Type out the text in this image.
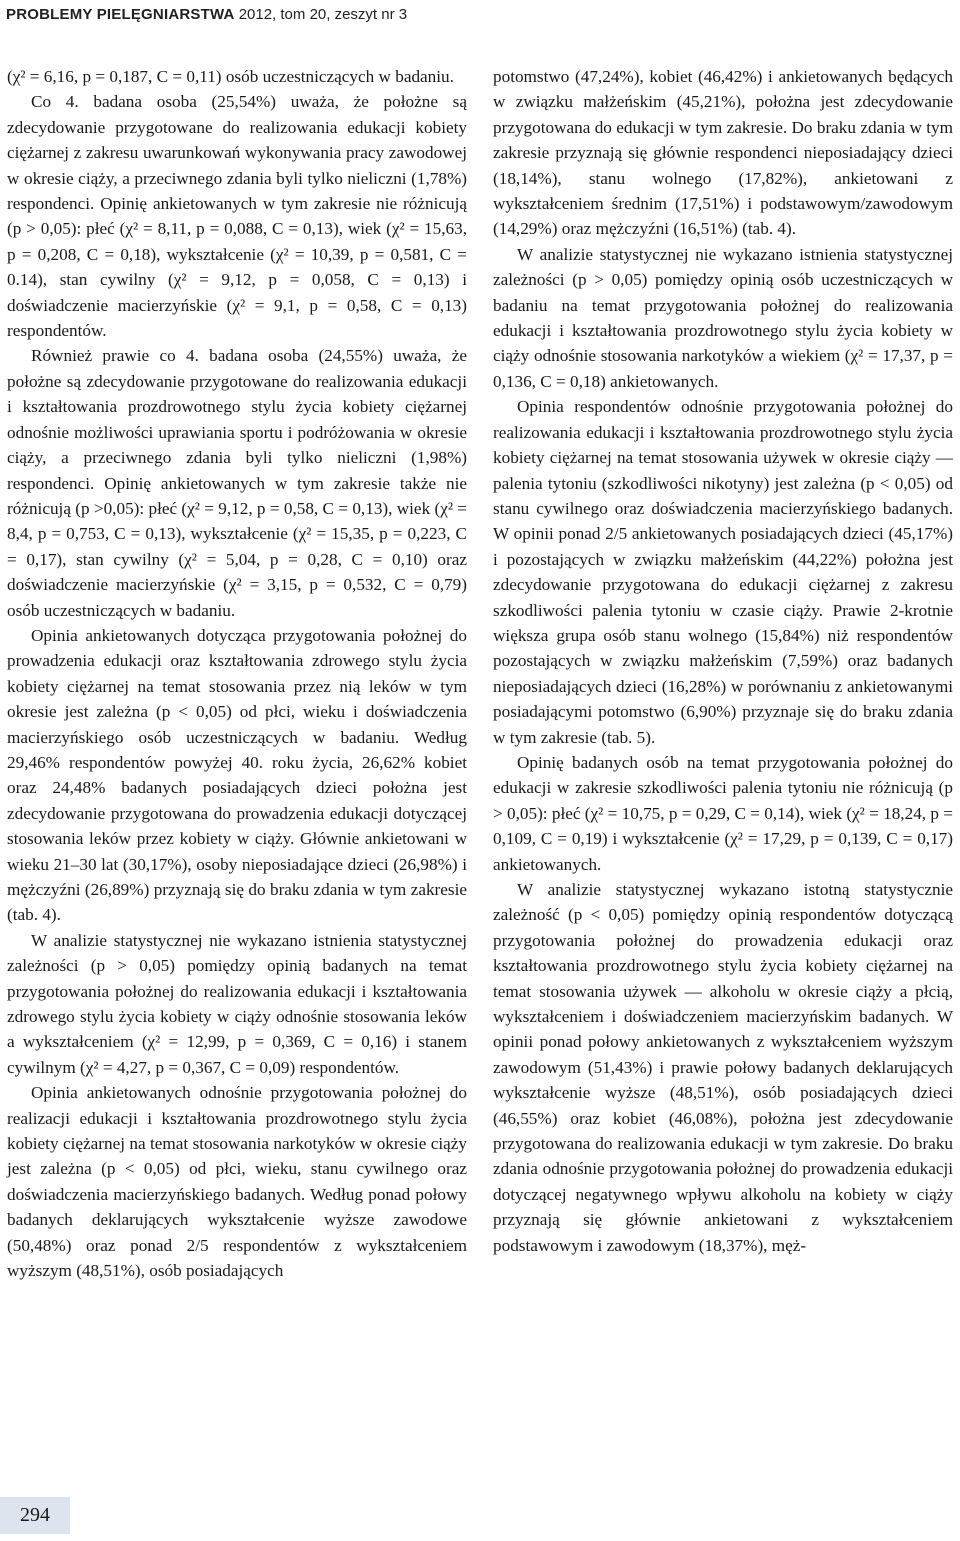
PROBLEMY PIELĘGNIARSTWA 2012, tom 20, zeszyt nr 3

(χ² = 6,16, p = 0,187, C = 0,11) osób uczestniczących w badaniu.

Co 4. badana osoba (25,54%) uważa, że położne są zdecydowanie przygotowane do realizowania edukacji kobiety ciężarnej z zakresu uwarunkowań wykonywania pracy zawodowej w okresie ciąży, a przeciwnego zdania byli tylko nieliczni (1,78%) respondenci. Opinię ankietowanych w tym zakresie nie różnicują (p > 0,05): płeć (χ² = 8,11, p = 0,088, C = 0,13), wiek (χ² = 15,63, p = 0,208, C = 0,18), wykształcenie (χ² = 10,39, p = 0,581, C = 0.14), stan cywilny (χ² = 9,12, p = 0,058, C = 0,13) i doświadczenie macierzyńskie (χ² = 9,1, p = 0,58, C = 0,13) respondentów.

Również prawie co 4. badana osoba (24,55%) uważa, że położne są zdecydowanie przygotowane do realizowania edukacji i kształtowania prozdrowotnego stylu życia kobiety ciężarnej odnośnie możliwości uprawiania sportu i podróżowania w okresie ciąży, a przeciwnego zdania byli tylko nieliczni (1,98%) respondenci. Opinię ankietowanych w tym zakresie także nie różnicują (p >0,05): płeć (χ² = 9,12, p = 0,58, C = 0,13), wiek (χ² = 8,4, p = 0,753, C = 0,13), wykształcenie (χ² = 15,35, p = 0,223, C = 0,17), stan cywilny (χ² = 5,04, p = 0,28, C = 0,10) oraz doświadczenie macierzyńskie (χ² = 3,15, p = 0,532, C = 0,79) osób uczestniczących w badaniu.

Opinia ankietowanych dotycząca przygotowania położnej do prowadzenia edukacji oraz kształtowania zdrowego stylu życia kobiety ciężarnej na temat stosowania przez nią leków w tym okresie jest zależna (p < 0,05) od płci, wieku i doświadczenia macierzyńskiego osób uczestniczących w badaniu. Według 29,46% respondentów powyżej 40. roku życia, 26,62% kobiet oraz 24,48% badanych posiadających dzieci położna jest zdecydowanie przygotowana do prowadzenia edukacji dotyczącej stosowania leków przez kobiety w ciąży. Głównie ankietowani w wieku 21–30 lat (30,17%), osoby nieposiadające dzieci (26,98%) i mężczyźni (26,89%) przyznają się do braku zdania w tym zakresie (tab. 4).

W analizie statystycznej nie wykazano istnienia statystycznej zależności (p > 0,05) pomiędzy opinią badanych na temat przygotowania położnej do realizowania edukacji i kształtowania zdrowego stylu życia kobiety w ciąży odnośnie stosowania leków a wykształceniem (χ² = 12,99, p = 0,369, C = 0,16) i stanem cywilnym (χ² = 4,27, p = 0,367, C = 0,09) respondentów.

Opinia ankietowanych odnośnie przygotowania położnej do realizacji edukacji i kształtowania prozdrowotnego stylu życia kobiety ciężarnej na temat stosowania narkotyków w okresie ciąży jest zależna (p < 0,05) od płci, wieku, stanu cywilnego oraz doświadczenia macierzyńskiego badanych. Według ponad połowy badanych deklarujących wykształcenie wyższe zawodowe (50,48%) oraz ponad 2/5 respondentów z wykształceniem wyższym (48,51%), osób posiadających

potomstwo (47,24%), kobiet (46,42%) i ankietowanych będących w związku małżeńskim (45,21%), położna jest zdecydowanie przygotowana do edukacji w tym zakresie. Do braku zdania w tym zakresie przyznają się głównie respondenci nieposiadający dzieci (18,14%), stanu wolnego (17,82%), ankietowani z wykształceniem średnim (17,51%) i podstawowym/zawodowym (14,29%) oraz mężczyźni (16,51%) (tab. 4).

W analizie statystycznej nie wykazano istnienia statystycznej zależności (p > 0,05) pomiędzy opinią osób uczestniczących w badaniu na temat przygotowania położnej do realizowania edukacji i kształtowania prozdrowotnego stylu życia kobiety w ciąży odnośnie stosowania narkotyków a wiekiem (χ² = 17,37, p = 0,136, C = 0,18) ankietowanych.

Opinia respondentów odnośnie przygotowania położnej do realizowania edukacji i kształtowania prozdrowotnego stylu życia kobiety ciężarnej na temat stosowania używek w okresie ciąży — palenia tytoniu (szkodliwości nikotyny) jest zależna (p < 0,05) od stanu cywilnego oraz doświadczenia macierzyńskiego badanych. W opinii ponad 2/5 ankietowanych posiadających dzieci (45,17%) i pozostających w związku małżeńskim (44,22%) położna jest zdecydowanie przygotowana do edukacji ciężarnej z zakresu szkodliwości palenia tytoniu w czasie ciąży. Prawie 2-krotnie większa grupa osób stanu wolnego (15,84%) niż respondentów pozostających w związku małżeńskim (7,59%) oraz badanych nieposiadających dzieci (16,28%) w porównaniu z ankietowanymi posiadającymi potomstwo (6,90%) przyznaje się do braku zdania w tym zakresie (tab. 5).

Opinię badanych osób na temat przygotowania położnej do edukacji w zakresie szkodliwości palenia tytoniu nie różnicują (p > 0,05): płeć (χ² = 10,75, p = 0,29, C = 0,14), wiek (χ² = 18,24, p = 0,109, C = 0,19) i wykształcenie (χ² = 17,29, p = 0,139, C = 0,17) ankietowanych.

W analizie statystycznej wykazano istotną statystycznie zależność (p < 0,05) pomiędzy opinią respondentów dotyczącą przygotowania położnej do prowadzenia edukacji oraz kształtowania prozdrowotnego stylu życia kobiety ciężarnej na temat stosowania używek — alkoholu w okresie ciąży a płcią, wykształceniem i doświadczeniem macierzyńskim badanych. W opinii ponad połowy ankietowanych z wykształceniem wyższym zawodowym (51,43%) i prawie połowy badanych deklarujących wykształcenie wyższe (48,51%), osób posiadających dzieci (46,55%) oraz kobiet (46,08%), położna jest zdecydowanie przygotowana do realizowania edukacji w tym zakresie. Do braku zdania odnośnie przygotowania położnej do prowadzenia edukacji dotyczącej negatywnego wpływu alkoholu na kobiety w ciąży przyznają się głównie ankietowani z wykształceniem podstawowym i zawodowym (18,37%), męż-

294
